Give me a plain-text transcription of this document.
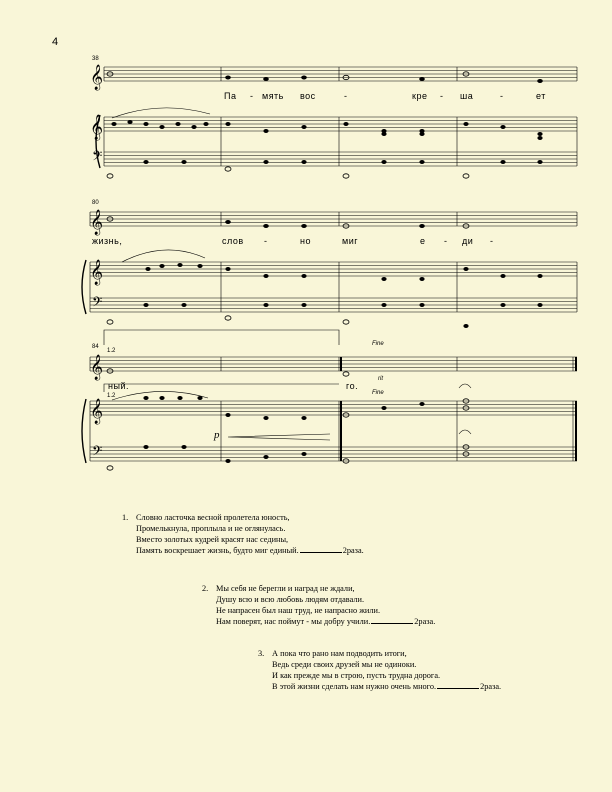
4
𝄞
𝄞
𝄢
𝄞
𝄞
𝄢
𝄞
𝄞
𝄢
38
80
84
Па - мять вос	-	кре - ша	-	ет
жизнь,	слов -	но	миг	е - ди -
1.2
1.2
Fine
Fine
rit
ный.	го.
p
1. Словно ласточка весной пролетела юность,
Промелькнула, проплыла и не оглянулась.
Вместо золотых кудрей красят нас седины,
Память воскрешает жизнь, будто миг единый.	2раза.
2. Мы себя не берегли и наград не ждали,
Душу всю и всю любовь людям отдавали.
Не напрасен был наш труд, не напрасно жили.
Нам поверят, нас поймут - мы добру учили.	2раза.
3. А пока что рано нам подводить итоги,
Ведь среди своих друзей мы не одиноки.
И как прежде мы в строю, пусть трудна дорога.
В этой жизни сделать нам нужно очень много.	2раза.
